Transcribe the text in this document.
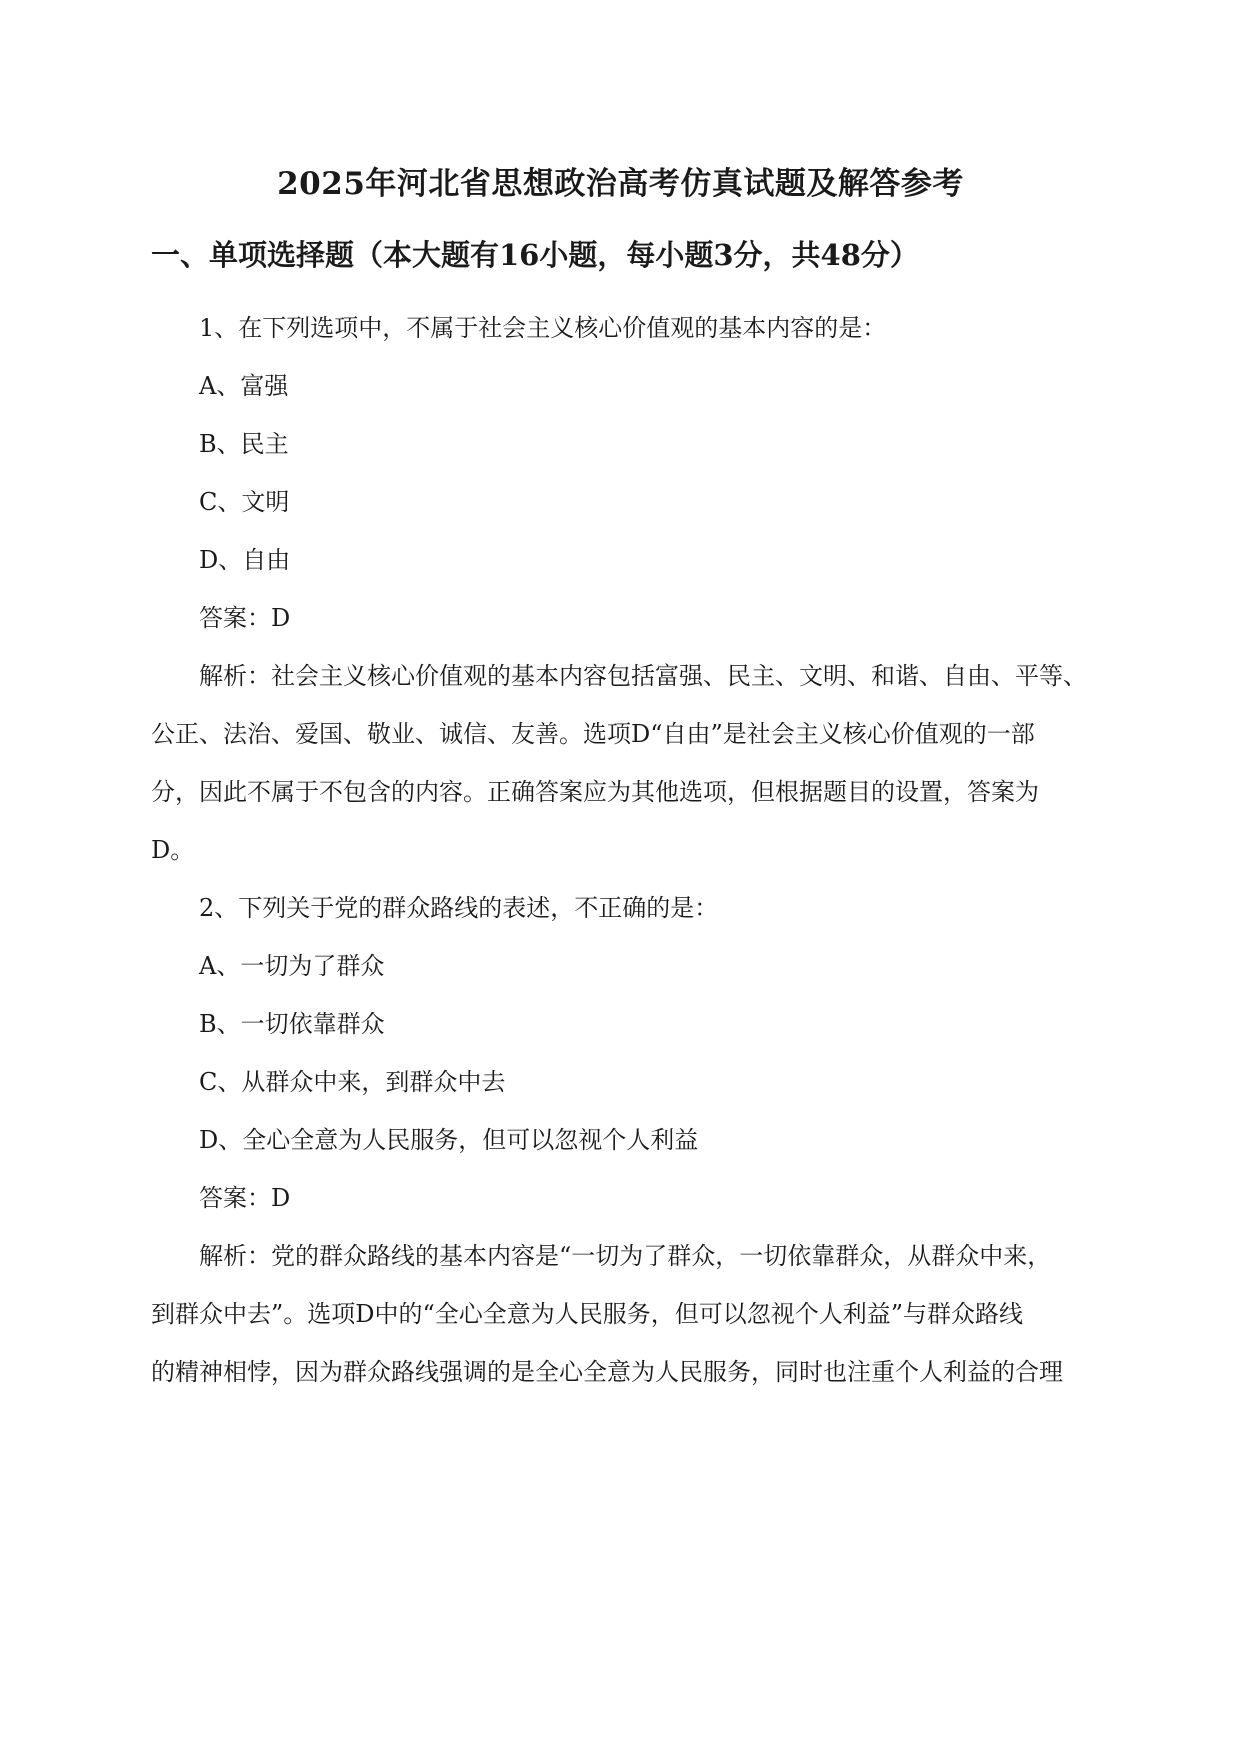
2025年河北省思想政治高考仿真试题及解答参考
一、单项选择题（本大题有16小题，每小题3分，共48分）
1、在下列选项中，不属于社会主义核心价值观的基本内容的是：
A、富强
B、民主
C、文明
D、自由
答案：D
解析：社会主义核心价值观的基本内容包括富强、民主、文明、和谐、自由、平等、
公正、法治、爱国、敬业、诚信、友善。选项D“自由”是社会主义核心价值观的一部
分，因此不属于不包含的内容。正确答案应为其他选项，但根据题目的设置，答案为
D。
2、下列关于党的群众路线的表述，不正确的是：
A、一切为了群众
B、一切依靠群众
C、从群众中来，到群众中去
D、全心全意为人民服务，但可以忽视个人利益
答案：D
解析：党的群众路线的基本内容是“一切为了群众，一切依靠群众，从群众中来，
到群众中去”。选项D中的“全心全意为人民服务，但可以忽视个人利益”与群众路线
的精神相悖，因为群众路线强调的是全心全意为人民服务，同时也注重个人利益的合理
